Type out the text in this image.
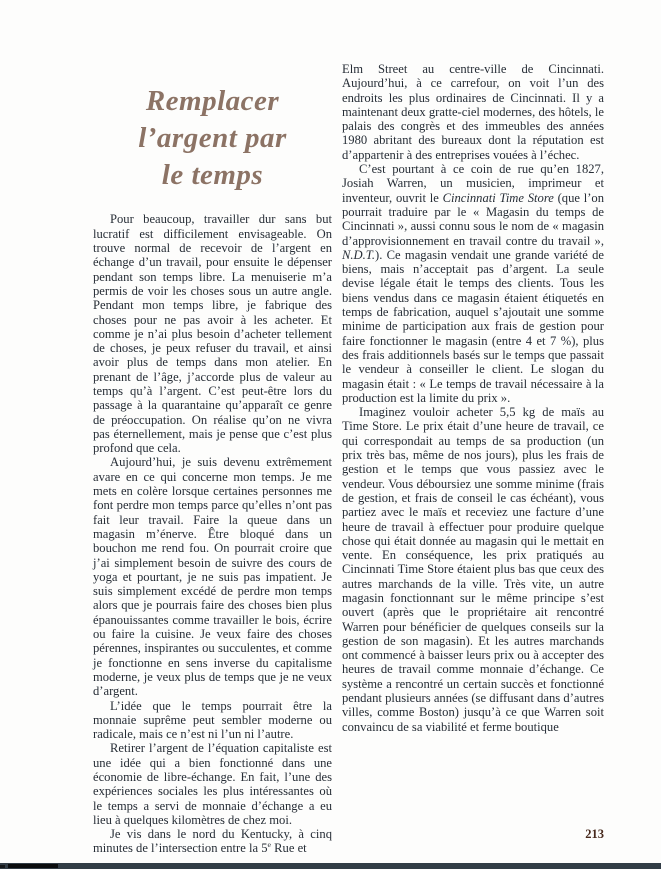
Remplacer
l’argent par
le temps

Pour beaucoup, travailler dur sans but lucratif est difficilement envisageable. On trouve normal de recevoir de l’argent en échange d’un travail, pour ensuite le dépenser pendant son temps libre. La menuiserie m’a permis de voir les choses sous un autre angle. Pendant mon temps libre, je fabrique des choses pour ne pas avoir à les acheter. Et comme je n’ai plus besoin d’acheter tellement de choses, je peux refuser du travail, et ainsi avoir plus de temps dans mon atelier. En prenant de l’âge, j’accorde plus de valeur au temps qu’à l’argent. C’est peut-être lors du passage à la quarantaine qu’apparaît ce genre de préoccupation. On réalise qu’on ne vivra pas éternellement, mais je pense que c’est plus profond que cela.

Aujourd’hui, je suis devenu extrêmement avare en ce qui concerne mon temps. Je me mets en colère lorsque certaines personnes me font perdre mon temps parce qu’elles n’ont pas fait leur travail. Faire la queue dans un magasin m’énerve. Être bloqué dans un bouchon me rend fou. On pourrait croire que j’ai simplement besoin de suivre des cours de yoga et pourtant, je ne suis pas impatient. Je suis simplement excédé de perdre mon temps alors que je pourrais faire des choses bien plus épanouissantes comme travailler le bois, écrire ou faire la cuisine. Je veux faire des choses pérennes, inspirantes ou succulentes, et comme je fonctionne en sens inverse du capitalisme moderne, je veux plus de temps que je ne veux d’argent.

L’idée que le temps pourrait être la monnaie suprême peut sembler moderne ou radicale, mais ce n’est ni l’un ni l’autre.

Retirer l’argent de l’équation capitaliste est une idée qui a bien fonctionné dans une économie de libre-échange. En fait, l’une des expériences sociales les plus intéressantes où le temps a servi de monnaie d’échange a eu lieu à quelques kilomètres de chez moi.

Je vis dans le nord du Kentucky, à cinq minutes de l’intersection entre la 5e Rue et

Elm Street au centre-ville de Cincinnati. Aujourd’hui, à ce carrefour, on voit l’un des endroits les plus ordinaires de Cincinnati. Il y a maintenant deux gratte-ciel modernes, des hôtels, le palais des congrès et des immeubles des années 1980 abritant des bureaux dont la réputation est d’appartenir à des entreprises vouées à l’échec.

C’est pourtant à ce coin de rue qu’en 1827, Josiah Warren, un musicien, imprimeur et inventeur, ouvrit le Cincinnati Time Store (que l’on pourrait traduire par le « Magasin du temps de Cincinnati », aussi connu sous le nom de « magasin d’approvisionnement en travail contre du travail », N.D.T.). Ce magasin vendait une grande variété de biens, mais n’acceptait pas d’argent. La seule devise légale était le temps des clients. Tous les biens vendus dans ce magasin étaient étiquetés en temps de fabrication, auquel s’ajoutait une somme minime de participation aux frais de gestion pour faire fonctionner le magasin (entre 4 et 7 %), plus des frais additionnels basés sur le temps que passait le vendeur à conseiller le client. Le slogan du magasin était : « Le temps de travail nécessaire à la production est la limite du prix ».

Imaginez vouloir acheter 5,5 kg de maïs au Time Store. Le prix était d’une heure de travail, ce qui correspondait au temps de sa production (un prix très bas, même de nos jours), plus les frais de gestion et le temps que vous passiez avec le vendeur. Vous déboursiez une somme minime (frais de gestion, et frais de conseil le cas échéant), vous partiez avec le maïs et receviez une facture d’une heure de travail à effectuer pour produire quelque chose qui était donnée au magasin qui le mettait en vente. En conséquence, les prix pratiqués au Cincinnati Time Store étaient plus bas que ceux des autres marchands de la ville. Très vite, un autre magasin fonctionnant sur le même principe s’est ouvert (après que le propriétaire ait rencontré Warren pour bénéficier de quelques conseils sur la gestion de son magasin). Et les autres marchands ont commencé à baisser leurs prix ou à accepter des heures de travail comme monnaie d’échange. Ce système a rencontré un certain succès et fonctionné pendant plusieurs années (se diffusant dans d’autres villes, comme Boston) jusqu’à ce que Warren soit convaincu de sa viabilité et ferme boutique

213
